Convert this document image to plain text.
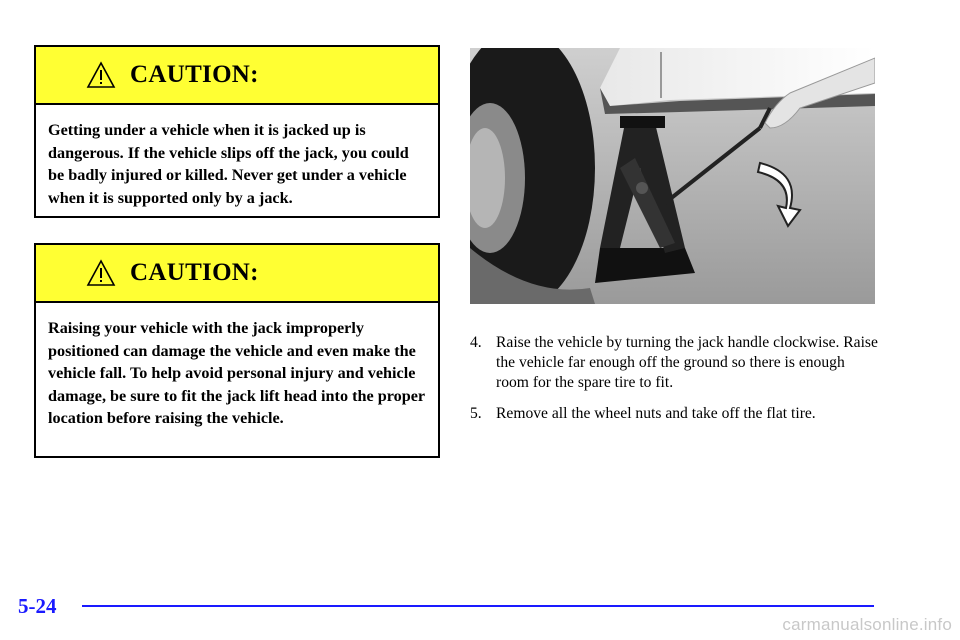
CAUTION:
Getting under a vehicle when it is jacked up is dangerous. If the vehicle slips off the jack, you could be badly injured or killed. Never get under a vehicle when it is supported only by a jack.
CAUTION:
Raising your vehicle with the jack improperly positioned can damage the vehicle and even make the vehicle fall. To help avoid personal injury and vehicle damage, be sure to fit the jack lift head into the proper location before raising the vehicle.
4. Raise the vehicle by turning the jack handle clockwise. Raise the vehicle far enough off the ground so there is enough room for the spare tire to fit.
5. Remove all the wheel nuts and take off the flat tire.
5-24
carmanualsonline.info
